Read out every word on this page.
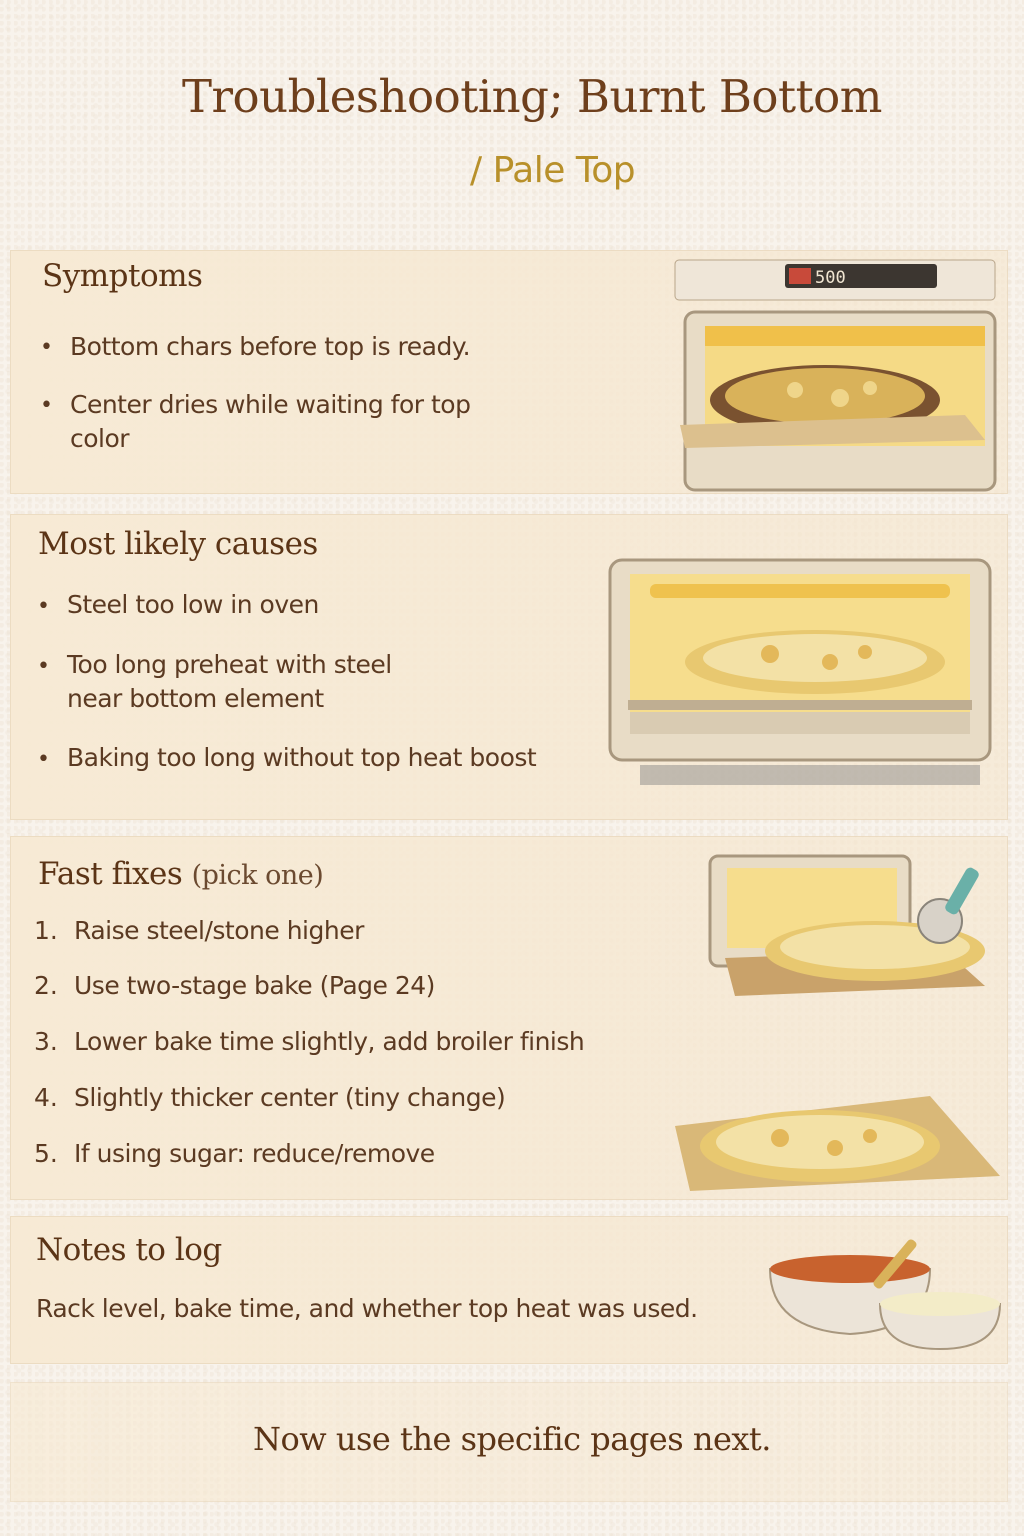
Troubleshooting; Burnt Bottom
/ Pale Top
Symptoms
• Bottom chars before top is ready.
• Center dries while waiting for top
color
500
Most likely causes
• Steel too low in oven
• Too long preheat with steel
near bottom element
• Baking too long without top heat boost
Fast fixes (pick one)
1. Raise steel/stone higher
2. Use two-stage bake (Page 24)
3. Lower bake time slightly, add broiler finish
4. Slightly thicker center (tiny change)
5. If using sugar: reduce/remove
Notes to log
Rack level, bake time, and whether top heat was used.
Now use the specific pages next.
